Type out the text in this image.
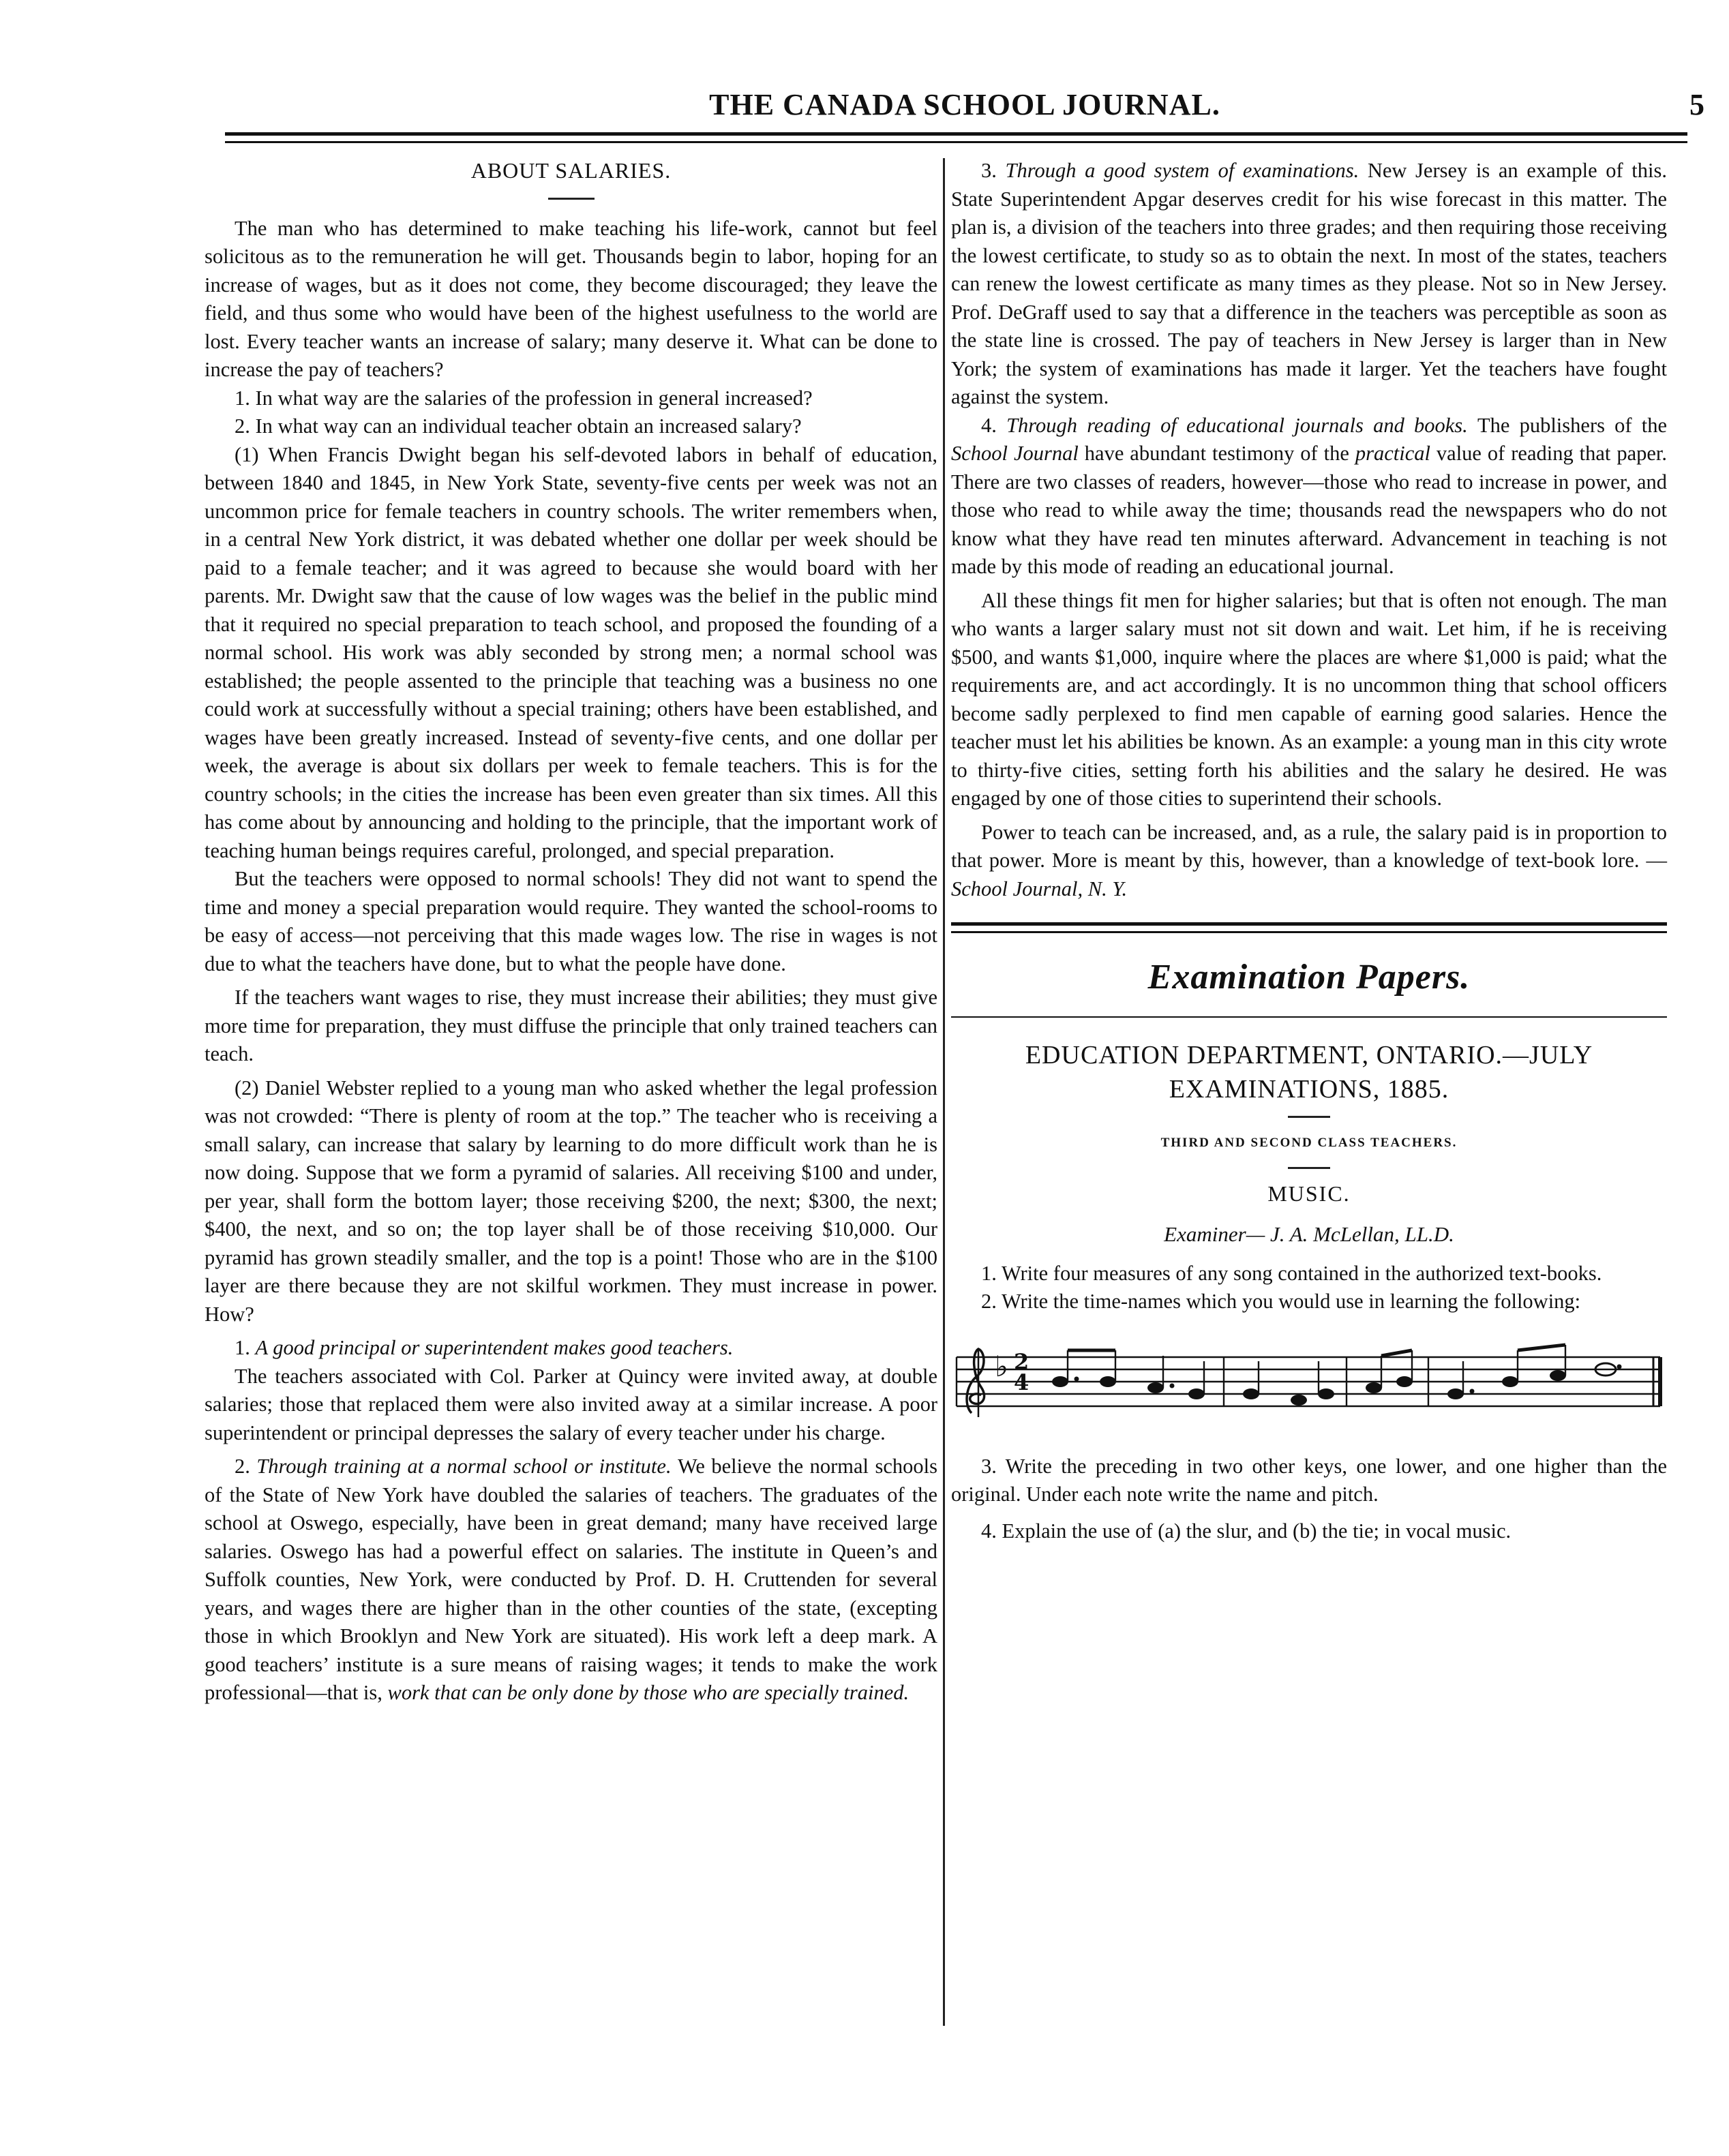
THE CANADA SCHOOL JOURNAL.	5

ABOUT SALARIES.

The man who has determined to make teaching his life-work, cannot but feel solicitous as to the remuneration he will get. Thousands begin to labor, hoping for an increase of wages, but as it does not come, they become discouraged; they leave the field, and thus some who would have been of the highest usefulness to the world are lost. Every teacher wants an increase of salary; many deserve it. What can be done to increase the pay of teachers?

1. In what way are the salaries of the profession in general increased?

2. In what way can an individual teacher obtain an increased salary?

(1) When Francis Dwight began his self-devoted labors in behalf of education, between 1840 and 1845, in New York State, seventy-five cents per week was not an uncommon price for female teachers in country schools. The writer remembers when, in a central New York district, it was debated whether one dollar per week should be paid to a female teacher; and it was agreed to because she would board with her parents. Mr. Dwight saw that the cause of low wages was the belief in the public mind that it required no special preparation to teach school, and proposed the founding of a normal school. His work was ably seconded by strong men; a normal school was established; the people assented to the principle that teaching was a business no one could work at successfully without a special training; others have been established, and wages have been greatly increased. Instead of seventy-five cents, and one dollar per week, the average is about six dollars per week to female teachers. This is for the country schools; in the cities the increase has been even greater than six times. All this has come about by announcing and holding to the principle, that the important work of teaching human beings requires careful, prolonged, and special preparation.

But the teachers were opposed to normal schools! They did not want to spend the time and money a special preparation would require. They wanted the school-rooms to be easy of access—not perceiving that this made wages low. The rise in wages is not due to what the teachers have done, but to what the people have done.

If the teachers want wages to rise, they must increase their abilities; they must give more time for preparation, they must diffuse the principle that only trained teachers can teach.

(2) Daniel Webster replied to a young man who asked whether the legal profession was not crowded: “There is plenty of room at the top.” The teacher who is receiving a small salary, can increase that salary by learning to do more difficult work than he is now doing. Suppose that we form a pyramid of salaries. All receiving $100 and under, per year, shall form the bottom layer; those receiving $200, the next; $300, the next; $400, the next, and so on; the top layer shall be of those receiving $10,000. Our pyramid has grown steadily smaller, and the top is a point! Those who are in the $100 layer are there because they are not skilful workmen. They must increase in power. How?

1. A good principal or superintendent makes good teachers.

The teachers associated with Col. Parker at Quincy were invited away, at double salaries; those that replaced them were also invited away at a similar increase. A poor superintendent or principal depresses the salary of every teacher under his charge.

2. Through training at a normal school or institute. We believe the normal schools of the State of New York have doubled the salaries of teachers. The graduates of the school at Oswego, especially, have been in great demand; many have received large salaries. Oswego has had a powerful effect on salaries. The institute in Queen’s and Suffolk counties, New York, were conducted by Prof. D. H. Cruttenden for several years, and wages there are higher than in the other counties of the state, (excepting those in which Brooklyn and New York are situated). His work left a deep mark. A good teachers’ institute is a sure means of raising wages; it tends to make the work professional—that is, work that can be only done by those who are specially trained.

3. Through a good system of examinations. New Jersey is an example of this. State Superintendent Apgar deserves credit for his wise forecast in this matter. The plan is, a division of the teachers into three grades; and then requiring those receiving the lowest certificate, to study so as to obtain the next. In most of the states, teachers can renew the lowest certificate as many times as they please. Not so in New Jersey. Prof. DeGraff used to say that a difference in the teachers was perceptible as soon as the state line is crossed. The pay of teachers in New Jersey is larger than in New York; the system of examinations has made it larger. Yet the teachers have fought against the system.

4. Through reading of educational journals and books. The publishers of the School Journal have abundant testimony of the practical value of reading that paper. There are two classes of readers, however—those who read to increase in power, and those who read to while away the time; thousands read the newspapers who do not know what they have read ten minutes afterward. Advancement in teaching is not made by this mode of reading an educational journal.

All these things fit men for higher salaries; but that is often not enough. The man who wants a larger salary must not sit down and wait. Let him, if he is receiving $500, and wants $1,000, inquire where the places are where $1,000 is paid; what the requirements are, and act accordingly. It is no uncommon thing that school officers become sadly perplexed to find men capable of earning good salaries. Hence the teacher must let his abilities be known. As an example: a young man in this city wrote to thirty-five cities, setting forth his abilities and the salary he desired. He was engaged by one of those cities to superintend their schools.

Power to teach can be increased, and, as a rule, the salary paid is in proportion to that power. More is meant by this, however, than a knowledge of text-book lore. — School Journal, N. Y.

Examination Papers.

EDUCATION DEPARTMENT, ONTARIO.—JULY EXAMINATIONS, 1885.

THIRD AND SECOND CLASS TEACHERS.

MUSIC.

Examiner— J. A. McLellan, LL.D.

1. Write four measures of any song contained in the authorized text-books.

2. Write the time-names which you would use in learning the following:

♭ 2
4

3. Write the preceding in two other keys, one lower, and one higher than the original. Under each note write the name and pitch.

4. Explain the use of (a) the slur, and (b) the tie; in vocal music.
